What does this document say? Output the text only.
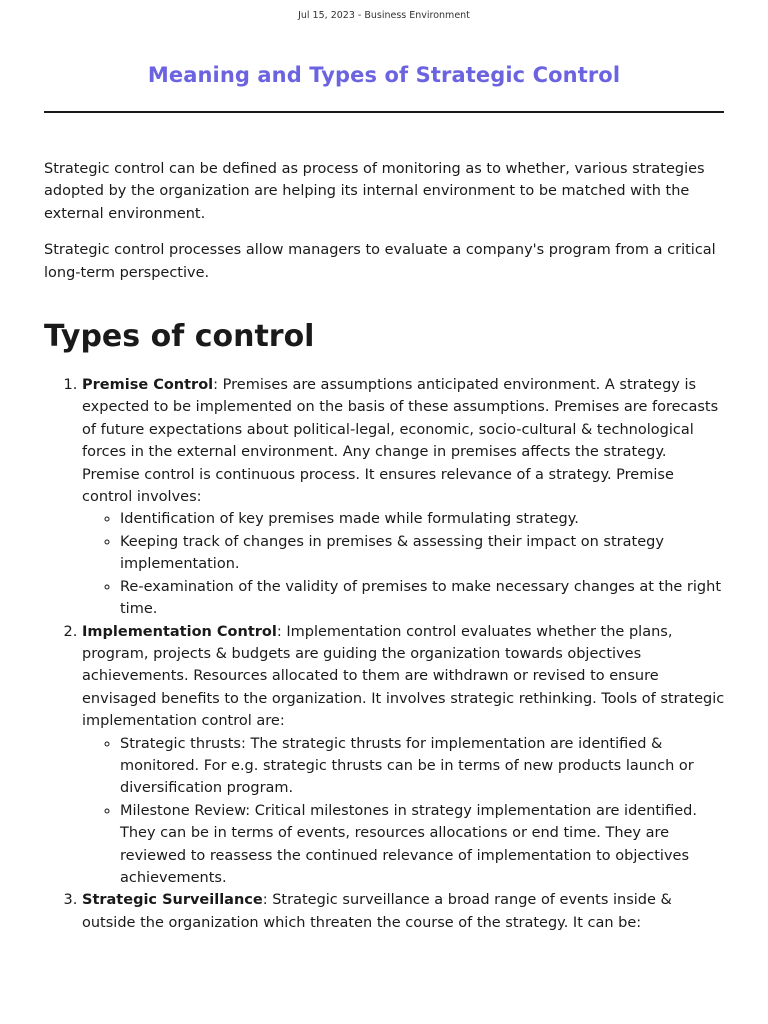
Jul 15, 2023 - Business Environment

Meaning and Types of Strategic Control

Strategic control can be defined as process of monitoring as to whether, various strategies adopted by the organization are helping its internal environment to be matched with the external environment.

Strategic control processes allow managers to evaluate a company's program from a critical long-term perspective.

Types of control
1. Premise Control: Premises are assumptions anticipated environment. A strategy is expected to be implemented on the basis of these assumptions. Premises are forecasts of future expectations about political-legal, economic, socio-cultural & technological forces in the external environment. Any change in premises affects the strategy. Premise control is continuous process. It ensures relevance of a strategy. Premise control involves:
◦ Identification of key premises made while formulating strategy.
◦ Keeping track of changes in premises & assessing their impact on strategy implementation.
◦ Re-examination of the validity of premises to make necessary changes at the right time.
2. Implementation Control: Implementation control evaluates whether the plans, program, projects & budgets are guiding the organization towards objectives achievements. Resources allocated to them are withdrawn or revised to ensure envisaged benefits to the organization. It involves strategic rethinking. Tools of strategic implementation control are:
◦ Strategic thrusts: The strategic thrusts for implementation are identified & monitored. For e.g. strategic thrusts can be in terms of new products launch or diversification program.
◦ Milestone Review: Critical milestones in strategy implementation are identified. They can be in terms of events, resources allocations or end time. They are reviewed to reassess the continued relevance of implementation to objectives achievements.
3. Strategic Surveillance: Strategic surveillance a broad range of events inside & outside the organization which threaten the course of the strategy. It can be:
